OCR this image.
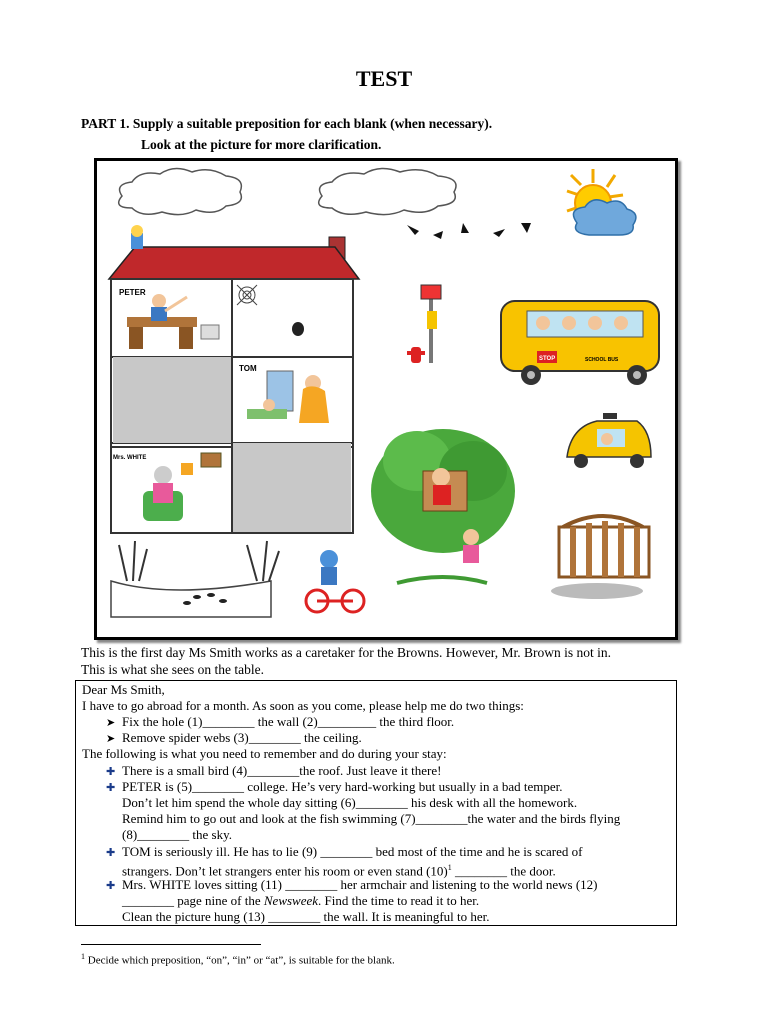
TEST
PART 1. Supply a suitable preposition for each blank (when necessary).
Look at the picture for more clarification.
PETER
TOM
Mrs. WHITE
STOP	SCHOOL BUS
This is the first day Ms Smith works as a caretaker for the Browns. However, Mr. Brown is not in.
This is what she sees on the table.
Dear Ms Smith,
I have to go abroad for a month. As soon as you come, please help me do two things:
➤ Fix the hole (1)________ the wall (2)_________ the third floor.
➤ Remove spider webs (3)________ the ceiling.
The following is what you need to remember and do during your stay:
✚ There is a small bird (4)________the roof. Just leave it there!
✚ PETER is (5)________ college. He’s very hard-working but usually in a bad temper.
Don’t let him spend the whole day sitting (6)________ his desk with all the homework.
Remind him to go out and look at the fish swimming (7)________the water and the birds flying
(8)________ the sky.
✚ TOM is seriously ill. He has to lie (9) ________ bed most of the time and he is scared of
strangers. Don’t let strangers enter his room or even stand $(10)^1$ ________ the door.
✚ Mrs. WHITE loves sitting (11) ________ her armchair and listening to the world news (12)
________ page nine of the Newsweek. Find the time to read it to her.
Clean the picture hung (13) ________ the wall. It is meaningful to her.
$^1$ Decide which preposition, “on”, “in” or “at”, is suitable for the blank.
